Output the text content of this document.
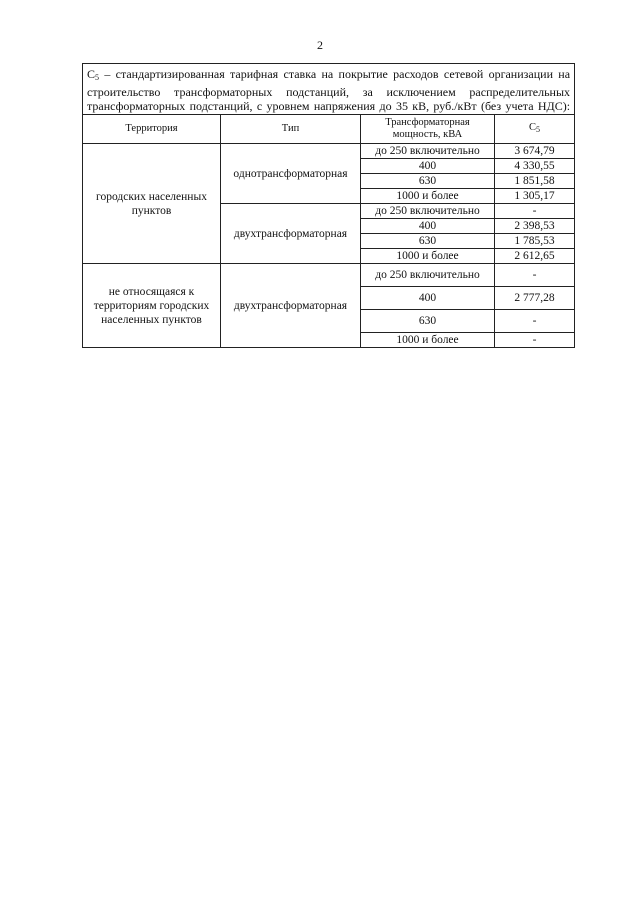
2
$С_5$ – стандартизированная тарифная ставка на покрытие расходов сетевой организации на строительство трансформаторных подстанций, за исключением распределительных трансформаторных подстанций, с уровнем напряжения до 35 кВ, руб./кВт (без учета НДС):			
Территория	Тип	Трансформаторная мощность, кВА	$С_5$
городских населенных пунктов	однотрансформаторная	до 250 включительно	3 674,79
		400	4 330,55
		630	1 851,58
		1000 и более	1 305,17
	двухтрансформаторная	до 250 включительно	-
		400	2 398,53
		630	1 785,53
		1000 и более	2 612,65
не относящаяся к территориям городских населенных пунктов	двухтрансформаторная	до 250 включительно	-
		400	2 777,28
		630	-
		1000 и более	-
